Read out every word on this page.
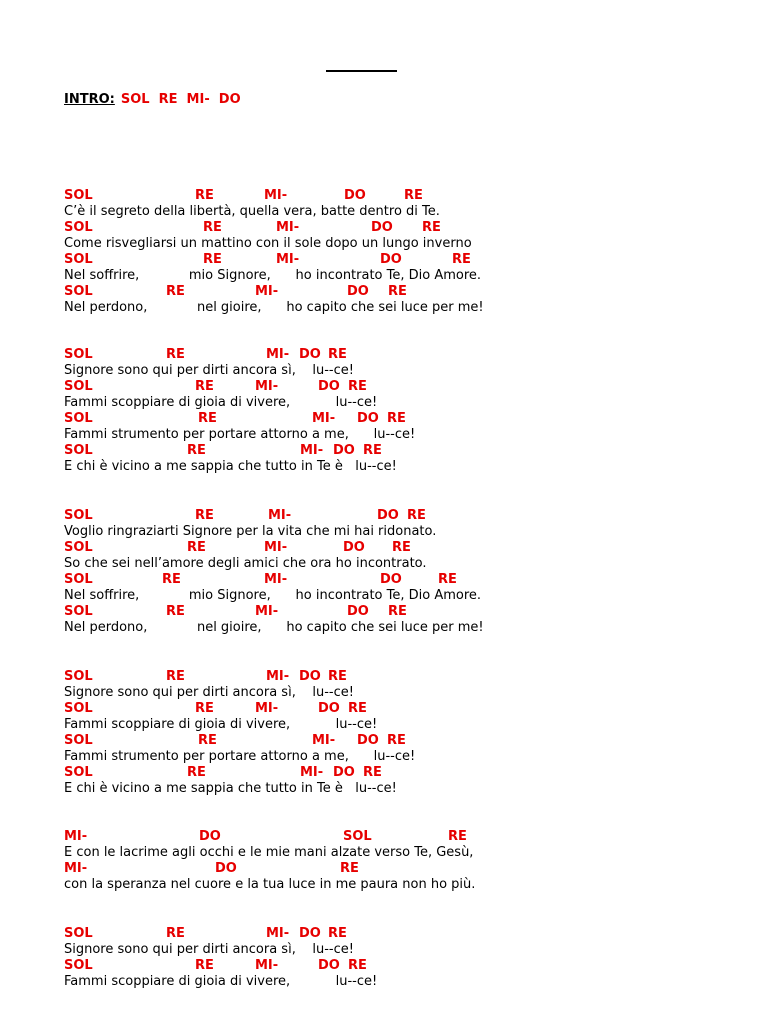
INTRO: SOL  RE  MI-  DO
SOL	RE	MI-	DO	RE
C’è il segreto della libertà, quella vera, batte dentro di Te.
SOL	RE	MI-	DO RE
Come risvegliarsi un mattino con il sole dopo un lungo inverno
SOL	RE	MI-	DO	RE
Nel soffrire,            mio Signore,      ho incontrato Te, Dio Amore.
SOL	RE	MI-	DO RE
Nel perdono,            nel gioire,      ho capito che sei luce per me!
SOL	RE	MI- DO RE
Signore sono qui per dirti ancora sì,    lu--ce!
SOL	RE	MI-	DO RE
Fammi scoppiare di gioia di vivere,           lu--ce!
SOL	RE	MI- DO RE
Fammi strumento per portare attorno a me,      lu--ce!
SOL	RE	MI- DO RE
E chi è vicino a me sappia che tutto in Te è   lu--ce!
SOL	RE	MI-	DO RE
Voglio ringraziarti Signore per la vita che mi hai ridonato.
SOL	RE	MI-	DO RE
So che sei nell’amore degli amici che ora ho incontrato.
SOL	RE	MI-	DO	RE
Nel soffrire,            mio Signore,      ho incontrato Te, Dio Amore.
SOL	RE	MI-	DO RE
Nel perdono,            nel gioire,      ho capito che sei luce per me!
SOL	RE	MI- DO RE
Signore sono qui per dirti ancora sì,    lu--ce!
SOL	RE	MI-	DO RE
Fammi scoppiare di gioia di vivere,           lu--ce!
SOL	RE	MI- DO RE
Fammi strumento per portare attorno a me,      lu--ce!
SOL	RE	MI- DO RE
E chi è vicino a me sappia che tutto in Te è   lu--ce!
MI-	DO	SOL	RE
E con le lacrime agli occhi e le mie mani alzate verso Te, Gesù,
MI-	DO	RE
con la speranza nel cuore e la tua luce in me paura non ho più.
SOL	RE	MI- DO RE
Signore sono qui per dirti ancora sì,    lu--ce!
SOL	RE	MI-	DO RE
Fammi scoppiare di gioia di vivere,           lu--ce!
